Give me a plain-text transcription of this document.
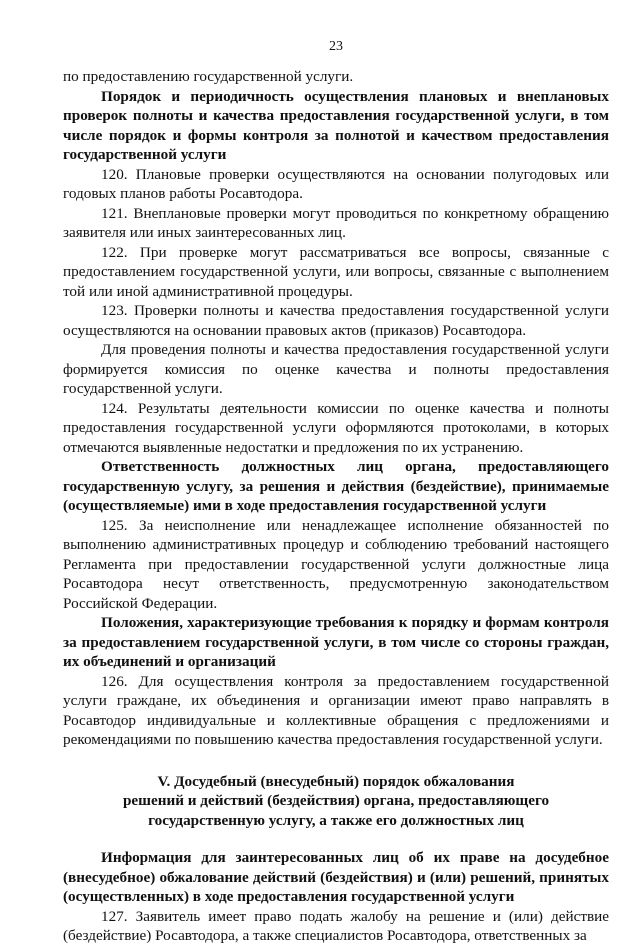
23

по предоставлению государственной услуги.

Порядок и периодичность осуществления плановых и внеплановых проверок полноты и качества предоставления государственной услуги, в том числе порядок и формы контроля за полнотой и качеством предоставления государственной услуги

120. Плановые проверки осуществляются на основании полугодовых или годовых планов работы Росавтодора.

121. Внеплановые проверки могут проводиться по конкретному обращению заявителя или иных заинтересованных лиц.

122. При проверке могут рассматриваться все вопросы, связанные с предоставлением государственной услуги, или вопросы, связанные с выполнением той или иной административной процедуры.

123. Проверки полноты и качества предоставления государственной услуги осуществляются на основании правовых актов (приказов) Росавтодора.

Для проведения полноты и качества предоставления государственной услуги формируется комиссия по оценке качества и полноты предоставления государственной услуги.

124. Результаты деятельности комиссии по оценке качества и полноты предоставления государственной услуги оформляются протоколами, в которых отмечаются выявленные недостатки и предложения по их устранению.

Ответственность должностных лиц органа, предоставляющего государственную услугу, за решения и действия (бездействие), принимаемые (осуществляемые) ими в ходе предоставления государственной услуги

125. За неисполнение или ненадлежащее исполнение обязанностей по выполнению административных процедур и соблюдению требований настоящего Регламента при предоставлении государственной услуги должностные лица Росавтодора несут ответственность, предусмотренную законодательством Российской Федерации.

Положения, характеризующие требования к порядку и формам контроля за предоставлением государственной услуги, в том числе со стороны граждан, их объединений и организаций

126. Для осуществления контроля за предоставлением государственной услуги граждане, их объединения и организации имеют право направлять в Росавтодор индивидуальные и коллективные обращения с предложениями и рекомендациями по повышению качества предоставления государственной услуги.

V. Досудебный (внесудебный) порядок обжалования
решений и действий (бездействия) органа, предоставляющего
государственную услугу, а также его должностных лиц

Информация для заинтересованных лиц об их праве на досудебное (внесудебное) обжалование действий (бездействия) и (или) решений, принятых (осуществленных) в ходе предоставления государственной услуги

127. Заявитель имеет право подать жалобу на решение и (или) действие (бездействие) Росавтодора, а также специалистов Росавтодора, ответственных за
